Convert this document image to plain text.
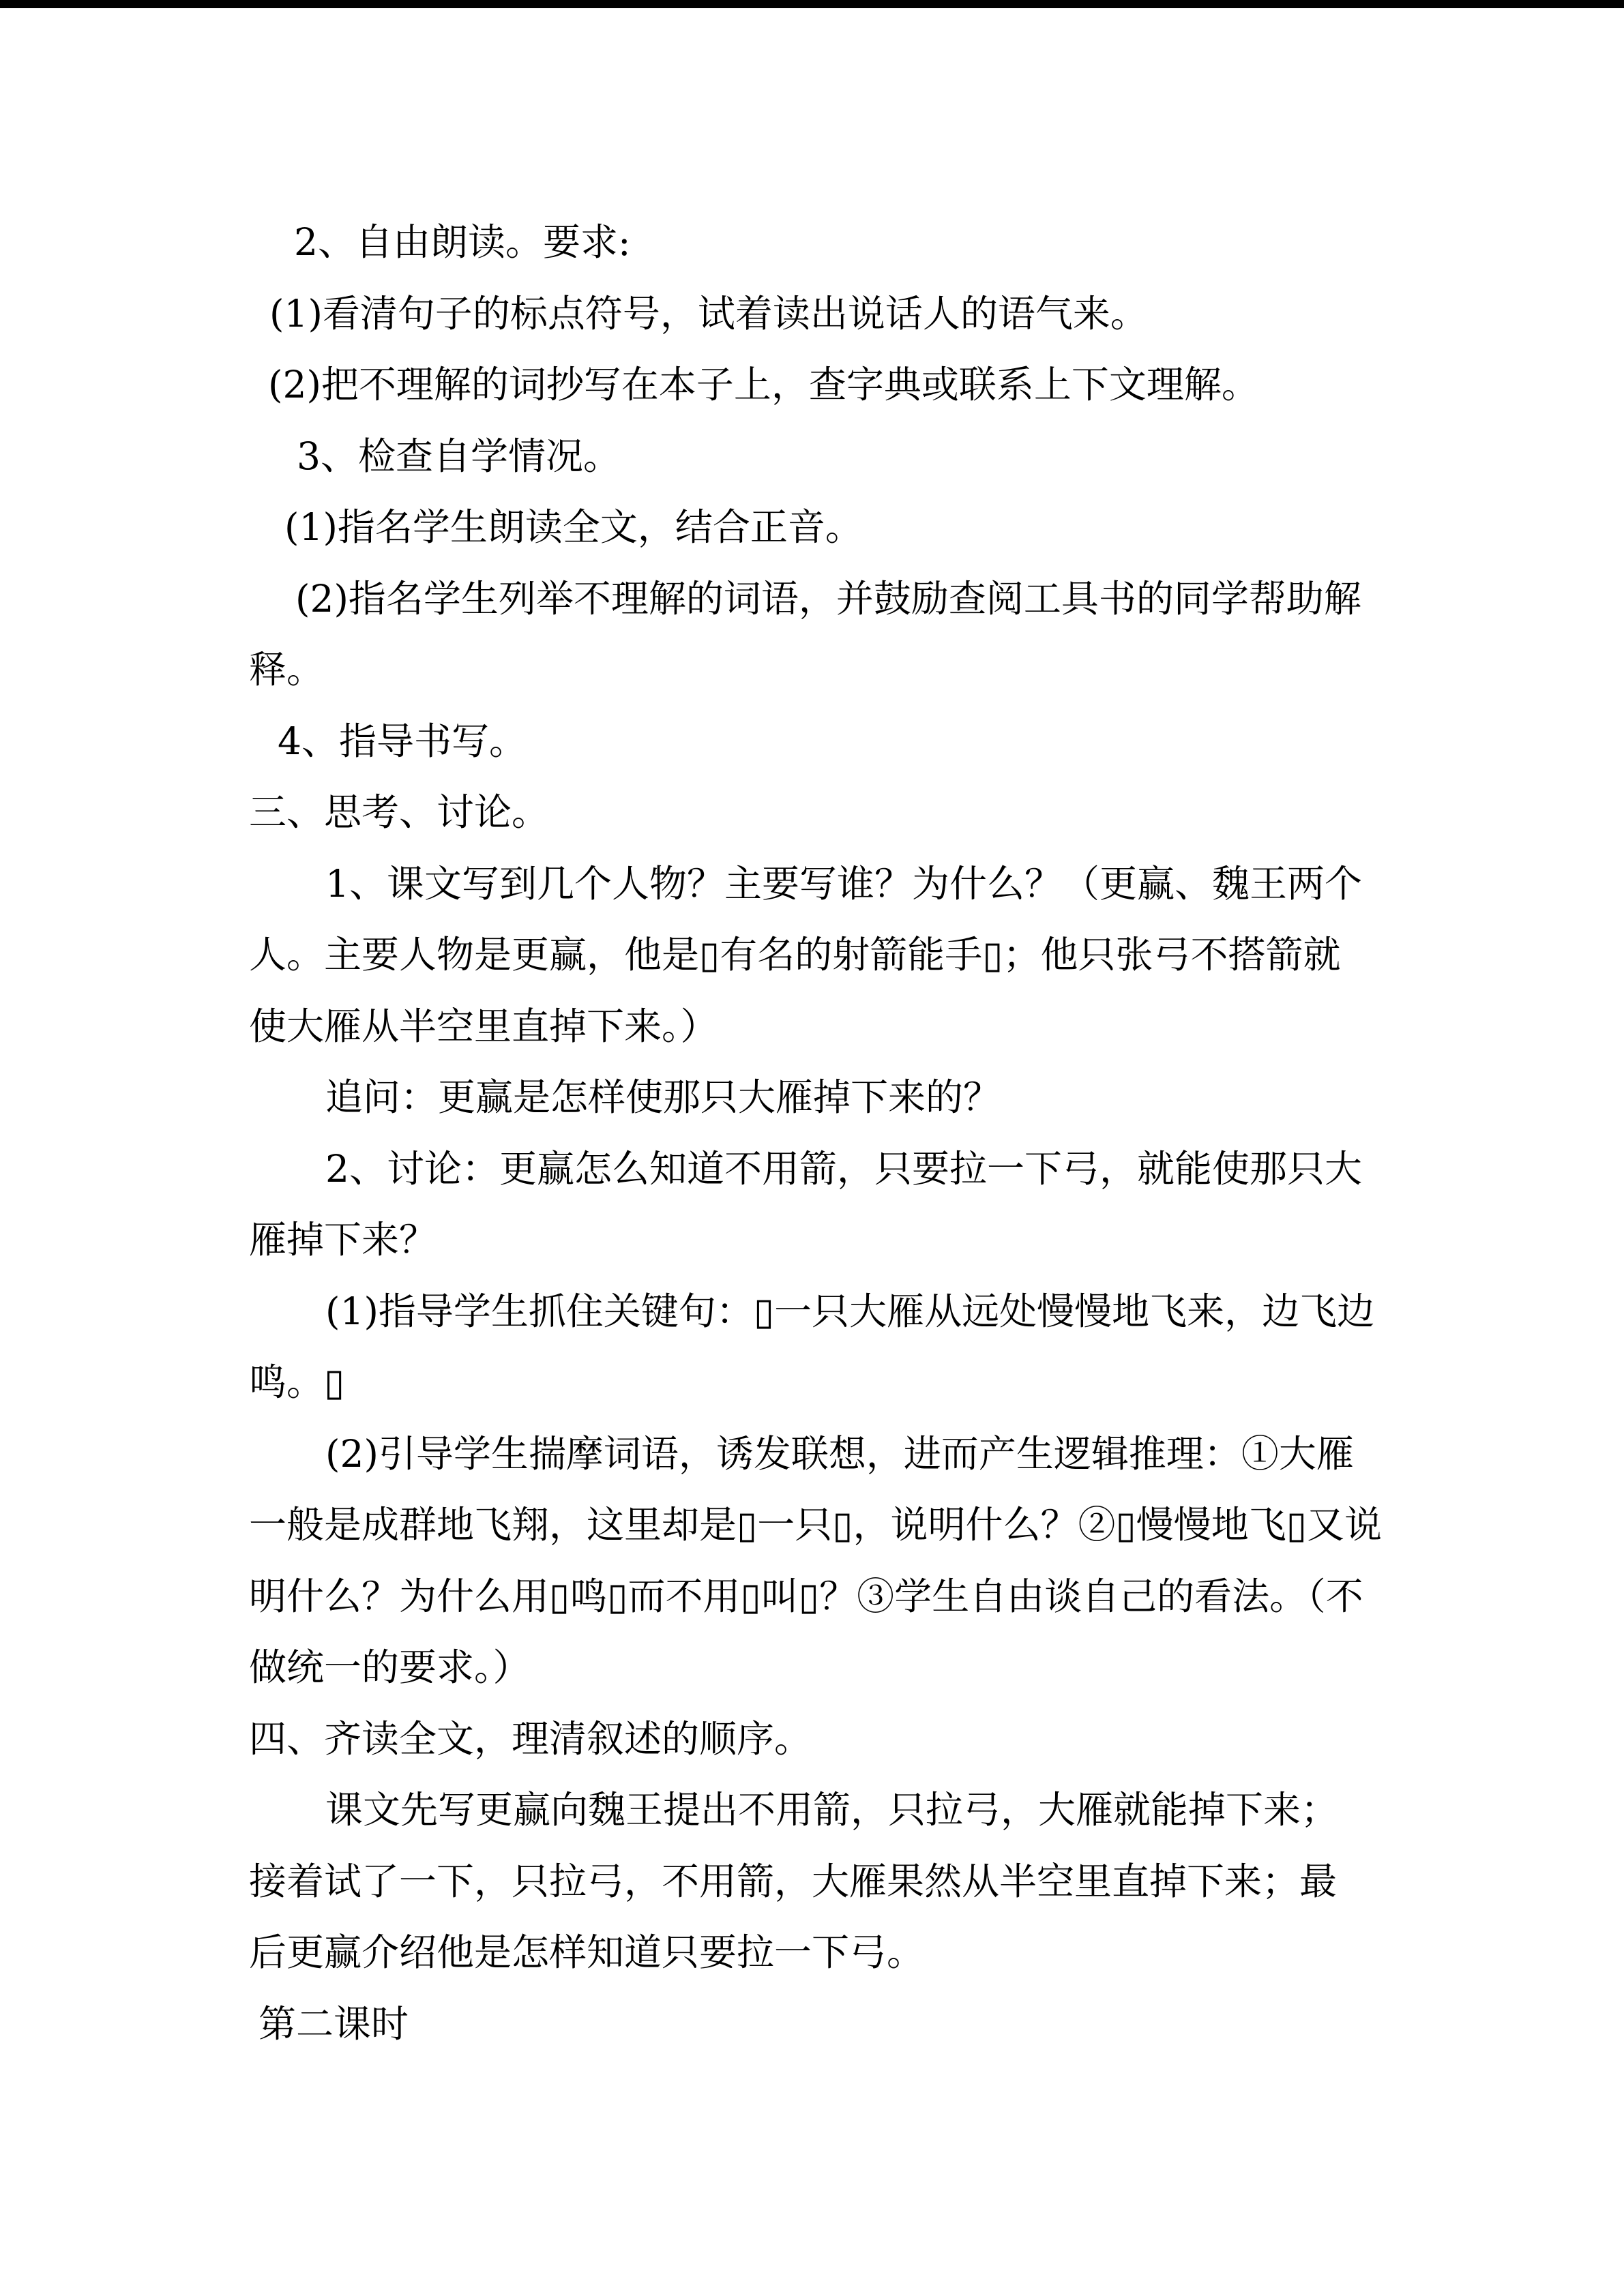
2、自由朗读。要求:
(1)看清句子的标点符号，试着读出说话人的语气来。
(2)把不理解的词抄写在本子上，查字典或联系上下文理解。
3、检查自学情况。
(1)指名学生朗读全文，结合正音。
(2)指名学生列举不理解的词语，并鼓励查阅工具书的同学帮助解
释。
4、指导书写。
三、思考、讨论。
1、课文写到几个人物？主要写谁？为什么？（更赢、魏王两个
人。主要人物是更赢，他是▯有名的射箭能手▯；他只张弓不搭箭就
使大雁从半空里直掉下来。）
追问：更赢是怎样使那只大雁掉下来的？
2、讨论：更赢怎么知道不用箭，只要拉一下弓，就能使那只大
雁掉下来？
(1)指导学生抓住关键句：▯一只大雁从远处慢慢地飞来，边飞边
鸣。▯
(2)引导学生揣摩词语，诱发联想，进而产生逻辑推理：①大雁
一般是成群地飞翔，这里却是▯一只▯，说明什么？②▯慢慢地飞▯又说
明什么？为什么用▯鸣▯而不用▯叫▯？③学生自由谈自己的看法。（不
做统一的要求。）
四、齐读全文，理清叙述的顺序。
课文先写更赢向魏王提出不用箭，只拉弓，大雁就能掉下来；
接着试了一下，只拉弓，不用箭，大雁果然从半空里直掉下来；最
后更赢介绍他是怎样知道只要拉一下弓。
第二课时
